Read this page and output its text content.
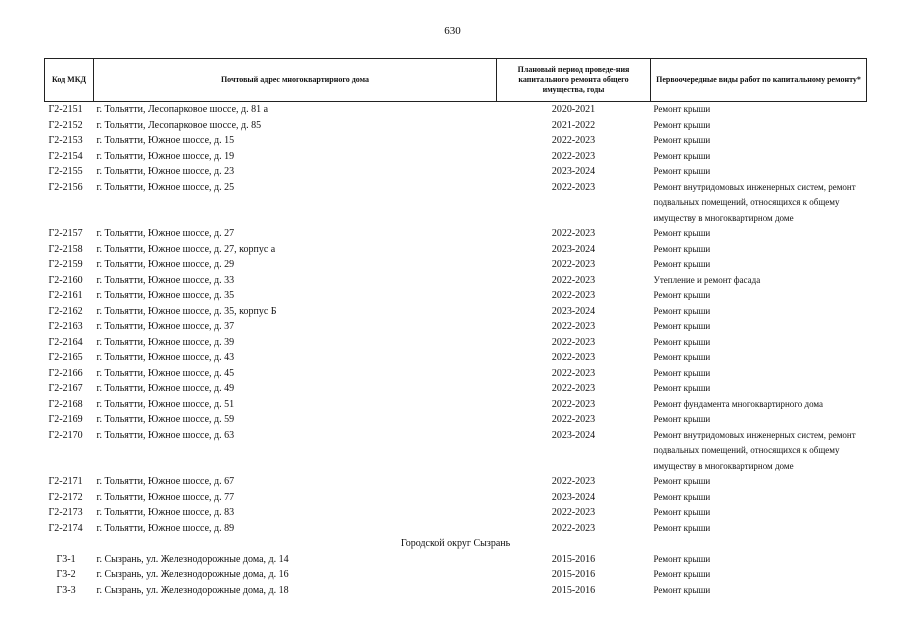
630
Код МКД	Почтовый адрес многоквартирного дома	Плановый период проведе-ния капитального ремонта общего имущества, годы	Первоочередные виды работ по капитальному ремонту*
Г2-2151	г. Тольятти, Лесопарковое шоссе, д. 81 а	2020-2021	Ремонт крыши
Г2-2152	г. Тольятти, Лесопарковое шоссе, д. 85	2021-2022	Ремонт крыши
Г2-2153	г. Тольятти, Южное шоссе, д. 15	2022-2023	Ремонт крыши
Г2-2154	г. Тольятти, Южное шоссе, д. 19	2022-2023	Ремонт крыши
Г2-2155	г. Тольятти, Южное шоссе, д. 23	2023-2024	Ремонт крыши
Г2-2156	г. Тольятти, Южное шоссе, д. 25	2022-2023	Ремонт внутридомовых инженерных систем, ремонт подвальных помещений, относящихся к общему имуществу в многоквартирном доме
Г2-2157	г. Тольятти, Южное шоссе, д. 27	2022-2023	Ремонт крыши
Г2-2158	г. Тольятти, Южное шоссе, д. 27, корпус а	2023-2024	Ремонт крыши
Г2-2159	г. Тольятти, Южное шоссе, д. 29	2022-2023	Ремонт крыши
Г2-2160	г. Тольятти, Южное шоссе, д. 33	2022-2023	Утепление и ремонт фасада
Г2-2161	г. Тольятти, Южное шоссе, д. 35	2022-2023	Ремонт крыши
Г2-2162	г. Тольятти, Южное шоссе, д. 35, корпус Б	2023-2024	Ремонт крыши
Г2-2163	г. Тольятти, Южное шоссе, д. 37	2022-2023	Ремонт крыши
Г2-2164	г. Тольятти, Южное шоссе, д. 39	2022-2023	Ремонт крыши
Г2-2165	г. Тольятти, Южное шоссе, д. 43	2022-2023	Ремонт крыши
Г2-2166	г. Тольятти, Южное шоссе, д. 45	2022-2023	Ремонт крыши
Г2-2167	г. Тольятти, Южное шоссе, д. 49	2022-2023	Ремонт крыши
Г2-2168	г. Тольятти, Южное шоссе, д. 51	2022-2023	Ремонт фундамента многоквартирного дома
Г2-2169	г. Тольятти, Южное шоссе, д. 59	2022-2023	Ремонт крыши
Г2-2170	г. Тольятти, Южное шоссе, д. 63	2023-2024	Ремонт внутридомовых инженерных систем, ремонт подвальных помещений, относящихся к общему имуществу в многоквартирном доме
Г2-2171	г. Тольятти, Южное шоссе, д. 67	2022-2023	Ремонт крыши
Г2-2172	г. Тольятти, Южное шоссе, д. 77	2023-2024	Ремонт крыши
Г2-2173	г. Тольятти, Южное шоссе, д. 83	2022-2023	Ремонт крыши
Г2-2174	г. Тольятти, Южное шоссе, д. 89	2022-2023	Ремонт крыши
Городской округ Сызрань			
Г3-1	г. Сызрань, ул. Железнодорожные дома, д. 14	2015-2016	Ремонт крыши
Г3-2	г. Сызрань, ул. Железнодорожные дома, д. 16	2015-2016	Ремонт крыши
Г3-3	г. Сызрань, ул. Железнодорожные дома, д. 18	2015-2016	Ремонт крыши
